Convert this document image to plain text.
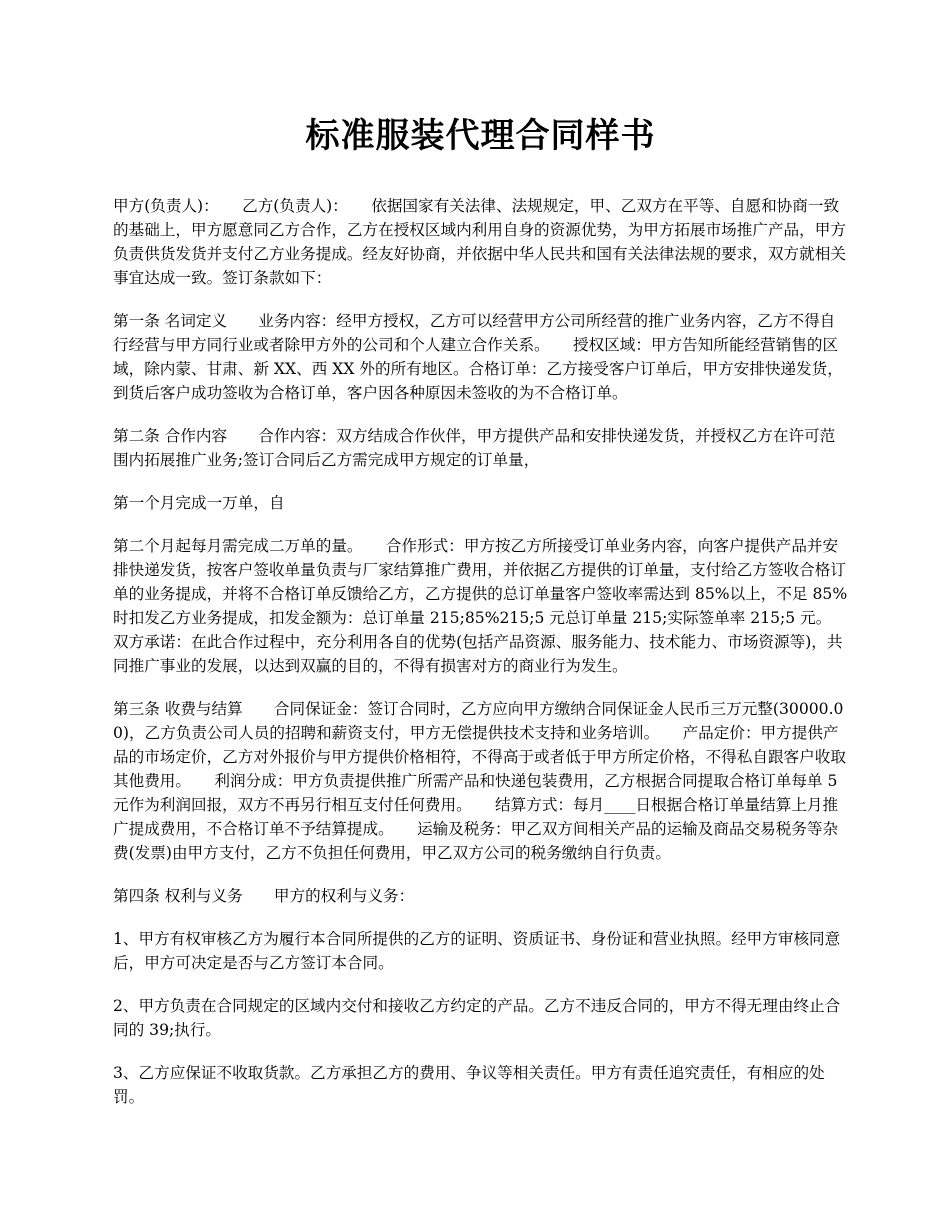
标准服装代理合同样书

甲方(负责人)：　　乙方(负责人)：　　依据国家有关法律、法规规定，甲、乙双方在平等、自愿和协商一致的基础上，甲方愿意同乙方合作，乙方在授权区域内利用自身的资源优势，为甲方拓展市场推广产品，甲方负责供货发货并支付乙方业务提成。经友好协商，并依据中华人民共和国有关法律法规的要求，双方就相关事宜达成一致。签订条款如下：

第一条 名词定义　　业务内容：经甲方授权，乙方可以经营甲方公司所经营的推广业务内容，乙方不得自行经营与甲方同行业或者除甲方外的公司和个人建立合作关系。　　授权区域：甲方告知所能经营销售的区域，除内蒙、甘肃、新 XX、西 XX 外的所有地区。合格订单：乙方接受客户订单后，甲方安排快递发货，到货后客户成功签收为合格订单，客户因各种原因未签收的为不合格订单。

第二条 合作内容　　合作内容：双方结成合作伙伴，甲方提供产品和安排快递发货，并授权乙方在许可范围内拓展推广业务;签订合同后乙方需完成甲方规定的订单量，

第一个月完成一万单，自

第二个月起每月需完成二万单的量。　　合作形式：甲方按乙方所接受订单业务内容，向客户提供产品并安排快递发货，按客户签收单量负责与厂家结算推广费用，并依据乙方提供的订单量，支付给乙方签收合格订单的业务提成，并将不合格订单反馈给乙方，乙方提供的总订单量客户签收率需达到 85%以上，不足 85%时扣发乙方业务提成，扣发金额为：总订单量 215;85%215;5 元总订单量 215;实际签单率 215;5 元。　　双方承诺：在此合作过程中，充分利用各自的优势(包括产品资源、服务能力、技术能力、市场资源等)，共同推广事业的发展，以达到双赢的目的，不得有损害对方的商业行为发生。

第三条 收费与结算　　合同保证金：签订合同时，乙方应向甲方缴纳合同保证金人民币三万元整(30000.00)，乙方负责公司人员的招聘和薪资支付，甲方无偿提供技术支持和业务培训。　　产品定价：甲方提供产品的市场定价，乙方对外报价与甲方提供价格相符，不得高于或者低于甲方所定价格，不得私自跟客户收取其他费用。　　利润分成：甲方负责提供推广所需产品和快递包装费用，乙方根据合同提取合格订单每单 5 元作为利润回报，双方不再另行相互支付任何费用。　　结算方式：每月____日根据合格订单量结算上月推广提成费用，不合格订单不予结算提成。　　运输及税务：甲乙双方间相关产品的运输及商品交易税务等杂费(发票)由甲方支付，乙方不负担任何费用，甲乙双方公司的税务缴纳自行负责。

第四条 权利与义务　　甲方的权利与义务：

1、甲方有权审核乙方为履行本合同所提供的乙方的证明、资质证书、身份证和营业执照。经甲方审核同意后，甲方可决定是否与乙方签订本合同。

2、甲方负责在合同规定的区域内交付和接收乙方约定的产品。乙方不违反合同的，甲方不得无理由终止合同的 39;执行。

3、乙方应保证不收取货款。乙方承担乙方的费用、争议等相关责任。甲方有责任追究责任，有相应的处罚。
